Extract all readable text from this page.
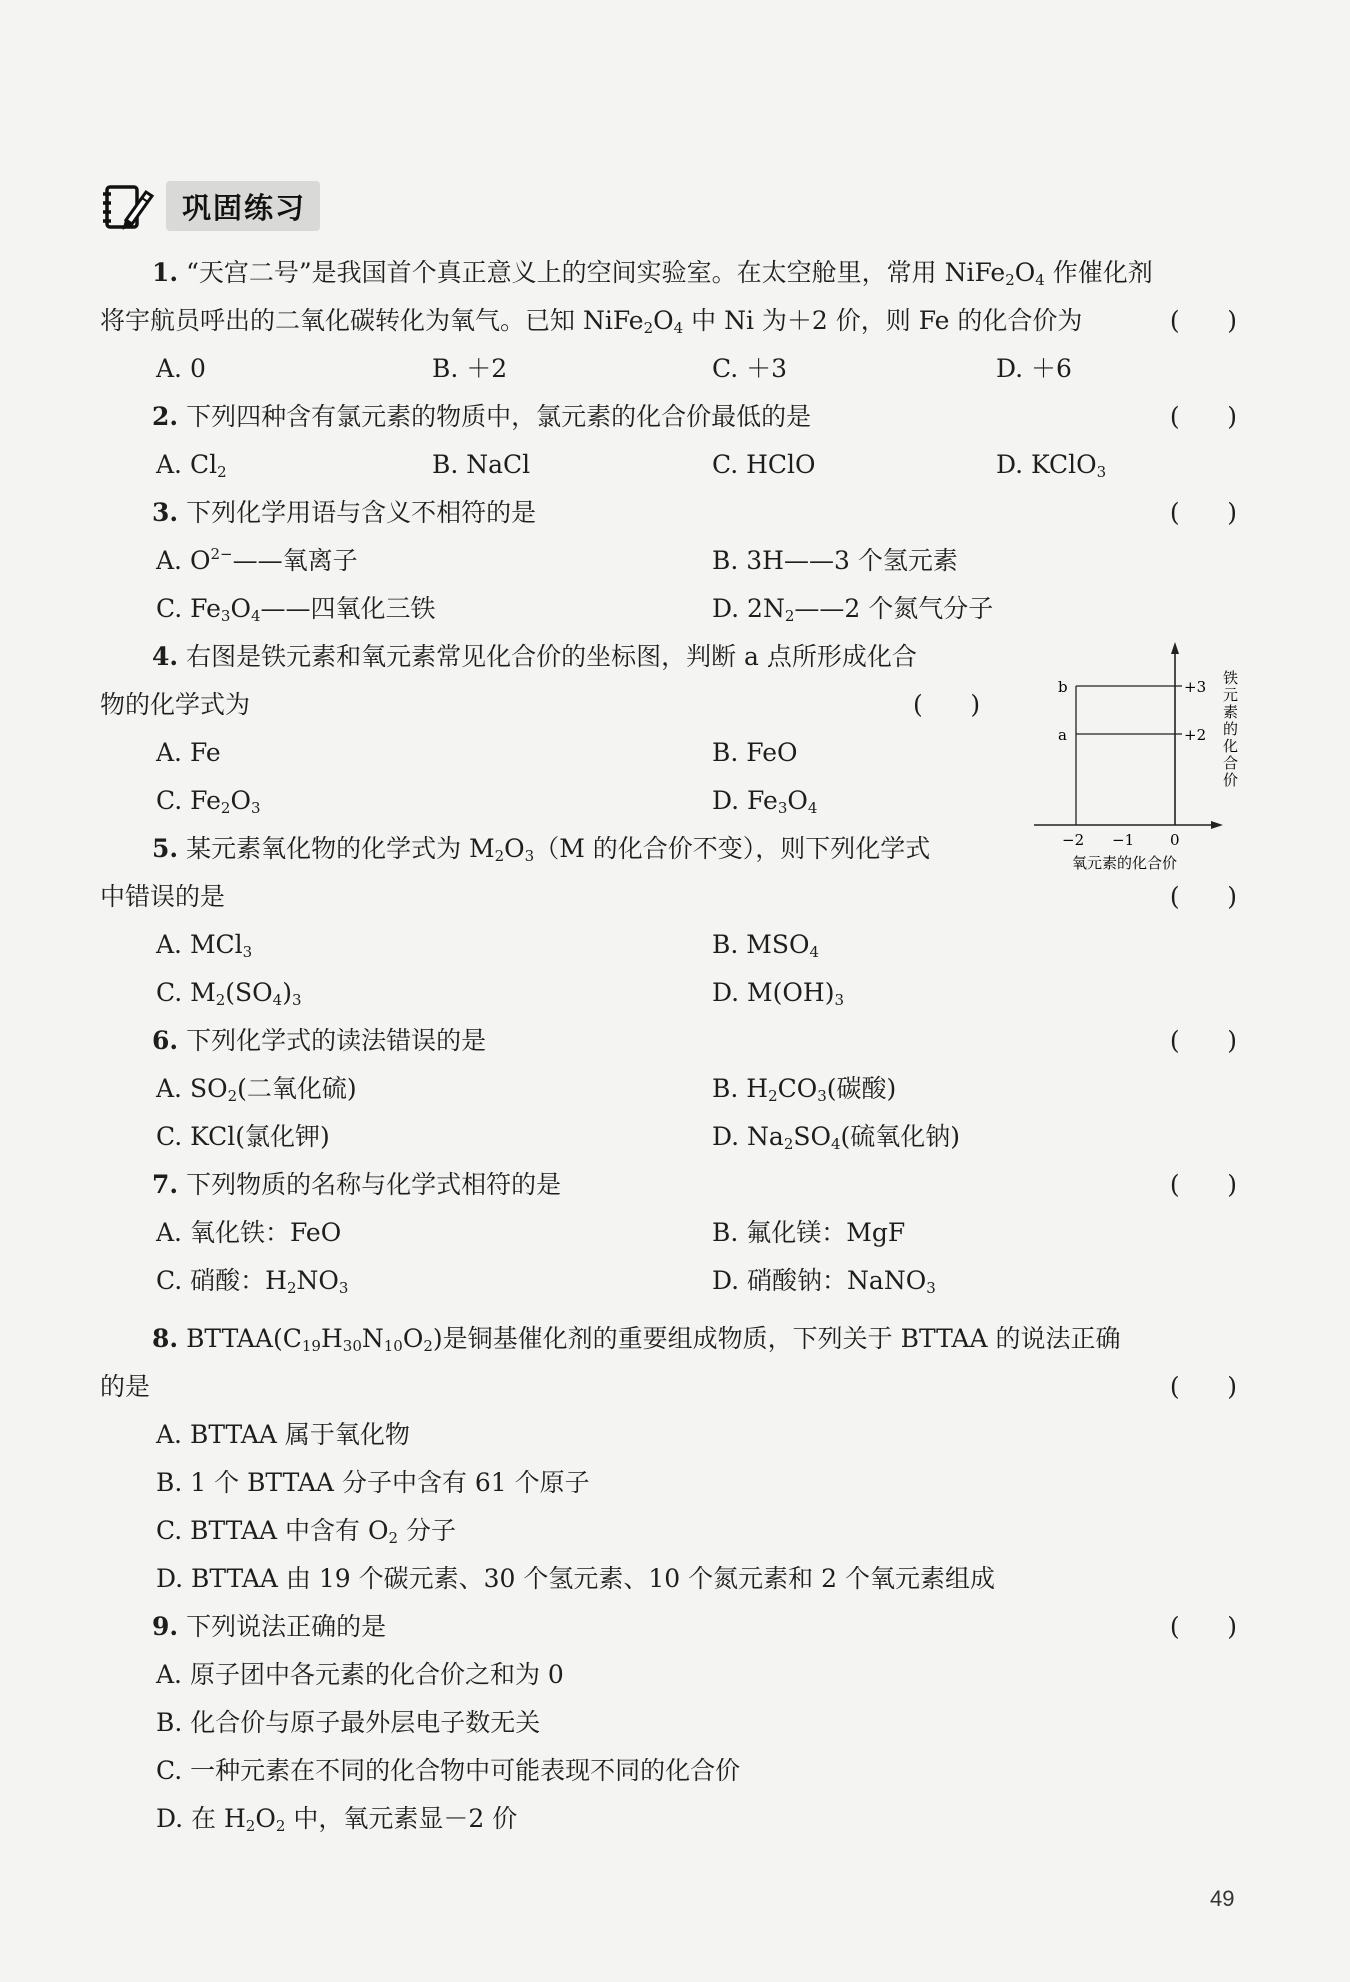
巩固练习
1. “天宫二号”是我国首个真正意义上的空间实验室。在太空舱里，常用 $NiFe_2O_4$ 作催化剂
将宇航员呼出的二氧化碳转化为氧气。已知 $NiFe_2O_4$ 中 Ni 为＋2 价，则 Fe 的化合价为	(      )
A. 0	B. ＋2	C. ＋3	D. ＋6
2. 下列四种含有氯元素的物质中，氯元素的化合价最低的是	(      )
A. $Cl_2$	B. NaCl	C. HClO	D. KClO$_3$
3. 下列化学用语与含义不相符的是	(      )
A. $O^{2-}——$氧离子	B. 3H——3 个氢元素
C. $Fe_3O_4——$四氧化三铁	D. $2N_2——2$ 个氮气分子
4. 右图是铁元素和氧元素常见化合价的坐标图，判断 a 点所形成化合
物的化学式为	(      )
A. Fe	B. FeO
C. $Fe_2O_3$	D. $Fe_3O_4$
b
a
+3
+2
−2 −1 0
铁元素的化合价
氧元素的化合价
5. 某元素氧化物的化学式为 $M_2O_3(M$ 的化合价不变），则下列化学式
中错误的是	(      )
A. MCl$_3$	B. $MSO_4$
C. $M_2(SO_4)_3$	D. $M(OH)_3$
6. 下列化学式的读法错误的是	(      )
A. $SO_2$(二氧化硫)	B. $H_2CO_3$(碳酸)
C. KCl(氯化钾)	D. $Na_2SO_4$(硫氧化钠)
7. 下列物质的名称与化学式相符的是	(      )
A. 氧化铁：FeO	B. 氟化镁：MgF
C. 硝酸：$H_2NO_3$	D. 硝酸钠：NaNO$_3$
8. $BTTAA(C_{19}H_{30}N_{10}O_2)$是铜基催化剂的重要组成物质，下列关于 BTTAA 的说法正确
的是	(      )
A. BTTAA 属于氧化物
B. 1 个 BTTAA 分子中含有 61 个原子
C. BTTAA 中含有 $O_2$ 分子
D. BTTAA 由 19 个碳元素、30 个氢元素、10 个氮元素和 2 个氧元素组成
9. 下列说法正确的是	(      )
A. 原子团中各元素的化合价之和为 0
B. 化合价与原子最外层电子数无关
C. 一种元素在不同的化合物中可能表现不同的化合价
D. 在 $H_2O_2$ 中，氧元素显－2 价
49
